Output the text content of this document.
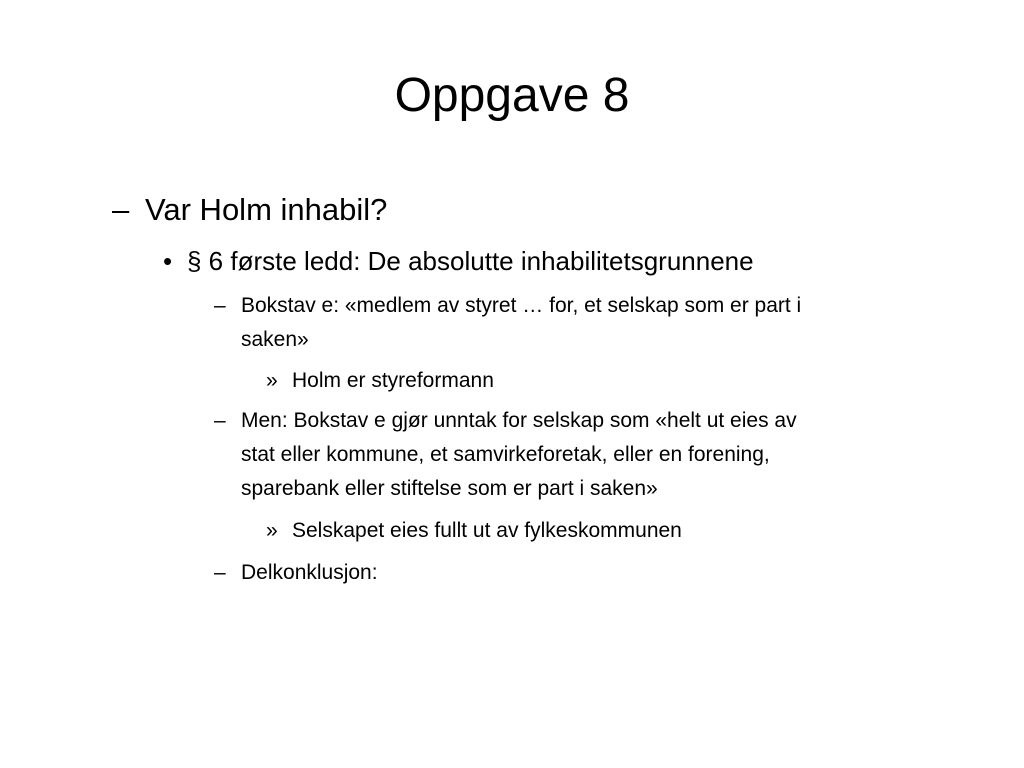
Oppgave 8
– Var Holm inhabil?
• § 6 første ledd: De absolutte inhabilitetsgrunnene
– Bokstav e: «medlem av styret … for, et selskap som er part i
saken»
» Holm er styreformann
– Men: Bokstav e gjør unntak for selskap som «helt ut eies av
stat eller kommune, et samvirkeforetak, eller en forening,
sparebank eller stiftelse som er part i saken»
» Selskapet eies fullt ut av fylkeskommunen
– Delkonklusjon:
